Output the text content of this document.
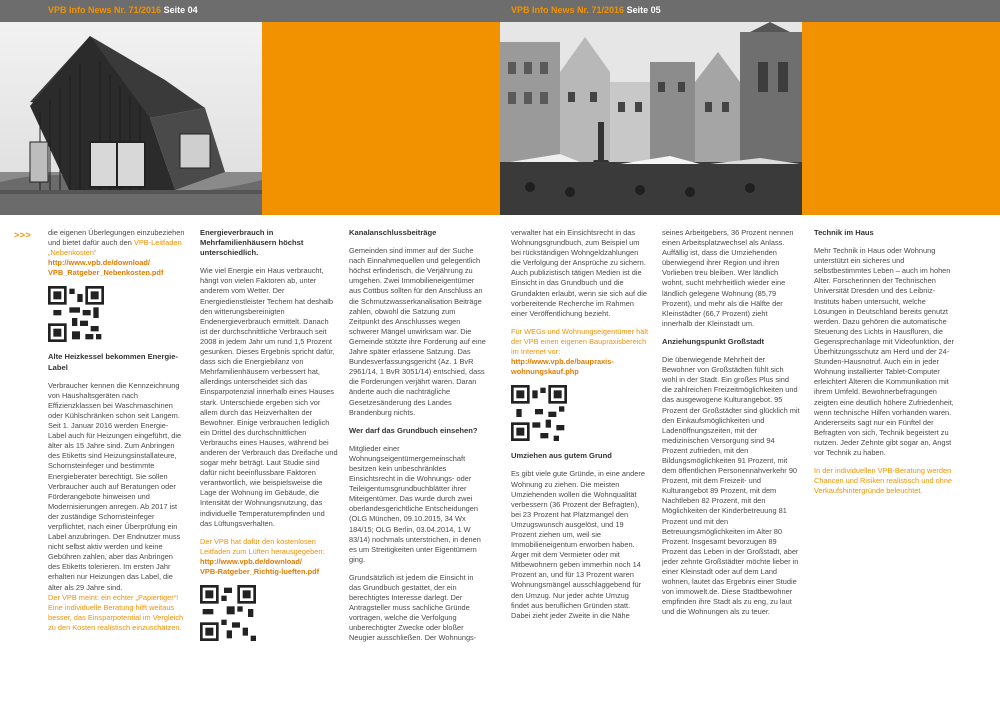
VPB Info News Nr. 71/2016 Seite 04	VPB Info News Nr. 71/2016 Seite 05
>>> die eigenen Überlegungen einzubeziehen und bietet dafür auch den VPB-Leitfaden „Nebenkosten“
http://www.vpb.de/download/
VPB_Ratgeber_Nebenkosten.pdf

Alte Heizkessel bekommen Energie-Label

Verbraucher kennen die Kennzeichnung von Haushaltsgeräten nach Effizienzklassen bei Waschmaschinen oder Kühlschränken schon seit Langem. Seit 1. Januar 2016 werden Energie-Label auch für Heizungen eingeführt, die älter als 15 Jahre sind. Zum Anbringen des Etiketts sind Heizungsinstallateure, Schornsteinfeger und bestimmte Energieberater berechtigt. Sie sollen Verbraucher auch auf Beratungen oder Förderangebote hinweisen und Modernisierungen anregen. Ab 2017 ist der zuständige Schornsteinfeger verpflichtet, nach einer Überprüfung ein Label anzubringen. Der Endnutzer muss nicht selbst aktiv werden und keine Gebühren zahlen, aber das Anbringen des Etiketts tolerieren. Im ersten Jahr erhalten nur Heizungen das Label, die älter als 29 Jahre sind.

Der VPB meint: ein echter „Papiertiger“! Eine individuelle Beratung hilft weitaus besser, das Einsparpotential im Vergleich zu den Kosten realistisch einzuschätzen.

Energieverbrauch in Mehrfamilienhäusern höchst unterschiedlich.

Wie viel Energie ein Haus verbraucht, hängt von vielen Faktoren ab, unter anderem vom Wetter. Der Energiedienstleister Techem hat deshalb den witterungsbereinigten Endenergieverbrauch ermittelt. Danach ist der durchschnittliche Verbrauch seit 2008 in jedem Jahr um rund 1,5 Prozent gesunken. Dieses Ergebnis spricht dafür, dass sich die Energiebilanz von Mehrfamilienhäusern verbessert hat, allerdings unterscheidet sich das Einsparpotenzial innerhalb eines Hauses stark. Unterschiede ergeben sich vor allem durch das Heizverhalten der Bewohner. Einige verbrauchen lediglich ein Drittel des durchschnittlichen Verbrauchs eines Hauses, während bei anderen der Verbrauch das Dreifache und sogar mehr beträgt. Laut Studie sind dafür nicht beeinflussbare Faktoren verantwortlich, wie beispielsweise die Lage der Wohnung im Gebäude, die Intensität der Wohnungsnutzung, das individuelle Temperaturempfinden und das Lüftungsverhalten.

Der VPB hat dafür den kostenlosen Leitfaden zum Lüften herausgegeben:
http://www.vpb.de/download/
VPB-Ratgeber_Richtig-lueften.pdf

Kanalanschlussbeiträge

Gemeinden sind immer auf der Suche nach Einnahmequellen und gelegentlich höchst erfinderisch, die Verjährung zu umgehen. Zwei Immobilieneigentümer aus Cottbus sollten für den Anschluss an die Schmutzwasserkanalisation Beiträge zahlen, obwohl die Satzung zum Zeitpunkt des Anschlusses wegen schwerer Mängel unwirksam war. Die Gemeinde stützte ihre Forderung auf eine Jahre später erlassene Satzung. Das Bundesverfassungsgericht (Az. 1 BvR 2961/14, 1 BvR 3051/14) entschied, dass die Forderungen verjährt waren. Daran änderte auch die nachträgliche Gesetzesänderung des Landes Brandenburg nichts.

Wer darf das Grundbuch einsehen?

Mitglieder einer Wohnungseigentümergemeinschaft besitzen kein unbeschränktes Einsichtsrecht in die Wohnungs- oder Teileigentumsgrundbuchblätter ihrer Miteigentümer. Das wurde durch zwei oberlandesgerichtliche Entscheidungen (OLG München, 09.10.2015, 34 Wx 184/15; OLG Berlin, 03.04.2014, 1 W 83/14) nochmals unterstrichen, in denen es um Streitigkeiten unter Eigentümern ging.

Grundsätzlich ist jedem die Einsicht in das Grundbuch gestattet, der ein berechtigtes Interesse darlegt. Der Antragsteller muss sachliche Gründe vortragen, welche die Verfolgung unberechtigter Zwecke oder bloßer Neugier ausschließen. Der Wohnungs-

verwalter hat ein Einsichtsrecht in das Wohnungsgrundbuch, zum Beispiel um bei rückständigen Wohngeldzahlungen die Verfolgung der Ansprüche zu sichern. Auch publizistisch tätigen Medien ist die Einsicht in das Grundbuch und die Grundakten erlaubt, wenn sie sich auf die vorbereitende Recherche im Rahmen einer Veröffentlichung bezieht.

Für WEGs und Wohnungseigentümer hält der VPB einen eigenen Baupraxisbereich im Internet vor:
http://www.vpb.de/baupraxis-
wohnungskauf.php

Umziehen aus gutem Grund

Es gibt viele gute Gründe, in eine andere Wohnung zu ziehen. Die meisten Umziehenden wollen die Wohnqualität verbessern (36 Prozent der Befragten), bei 23 Prozent hat Platzmangel den Umzugswunsch ausgelöst, und 19 Prozent ziehen um, weil sie Immobilieneigentum erworben haben. Ärger mit dem Vermieter oder mit Mitbewohnern geben immerhin noch 14 Prozent an, und für 13 Prozent waren Wohnungsmängel ausschlaggebend für den Umzug. Nur jeder achte Umzug findet aus beruflichen Gründen statt. Dabei zieht jeder Zweite in die Nähe

seines Arbeitgebers, 36 Prozent nennen einen Arbeitsplatzwechsel als Anlass. Auffällig ist, dass die Umziehenden überwiegend ihrer Region und ihren Vorlieben treu bleiben. Wer ländlich wohnt, sucht mehrheitlich wieder eine ländlich gelegene Wohnung (85,79 Prozent), und mehr als die Hälfte der Kleinstädter (66,7 Prozent) zieht innerhalb der Kleinstadt um.

Anziehungspunkt Großstadt

Die überwiegende Mehrheit der Bewohner von Großstädten fühlt sich wohl in der Stadt. Ein großes Plus sind die zahlreichen Freizeitmöglichkeiten und das ausgewogene Kulturangebot. 95 Prozent der Großstädter sind glücklich mit den Einkaufsmöglichkeiten und Ladenöffnungszeiten, mit der medizinischen Versorgung sind 94 Prozent zufrieden, mit den Bildungsmöglichkeiten 91 Prozent, mit dem öffentlichen Personennahverkehr 90 Prozent, mit dem Freizeit- und Kulturangebot 89 Prozent, mit dem Nachtleben 82 Prozent, mit den Möglichkeiten der Kinderbetreuung 81 Prozent und mit den Betreuungsmöglichkeiten im Alter 80 Prozent. Insgesamt bevorzugen 89 Prozent das Leben in der Großstadt, aber jeder zehnte Großstädter möchte lieber in einer Kleinstadt oder auf dem Land wohnen, lautet das Ergebnis einer Studie von immowelt.de. Diese Stadtbewohner empfinden ihre Stadt als zu eng, zu laut und die Wohnungen als zu teuer.

Technik im Haus

Mehr Technik in Haus oder Wohnung unterstützt ein sicheres und selbstbestimmtes Leben – auch im hohen Alter. Forscherinnen der Technischen Universität Dresden und des Leibniz-Instituts haben untersucht, welche Lösungen in Deutschland bereits genutzt werden. Dazu gehören die automatische Steuerung des Lichts in Hausfluren, die Gegensprechanlage mit Videofunktion, der Überhitzungsschutz am Herd und der 24-Stunden-Hausnotruf. Auch ein in jeder Wohnung installierter Tablet-Computer erleichtert Älteren die Kommunikation mit ihrem Umfeld. Bewohnerbefragungen zeigten eine deutlich höhere Zufriedenheit, wenn technische Hilfen vorhanden waren. Andererseits sagt nur ein Fünftel der Befragten von sich, Technik begeistert zu nutzen. Jeder Zehnte gibt sogar an, Angst vor Technik zu haben.

In der individuellen VPB-Beratung werden Chancen und Risiken realistisch und ohne Verkaufshintergründe beleuchtet.
